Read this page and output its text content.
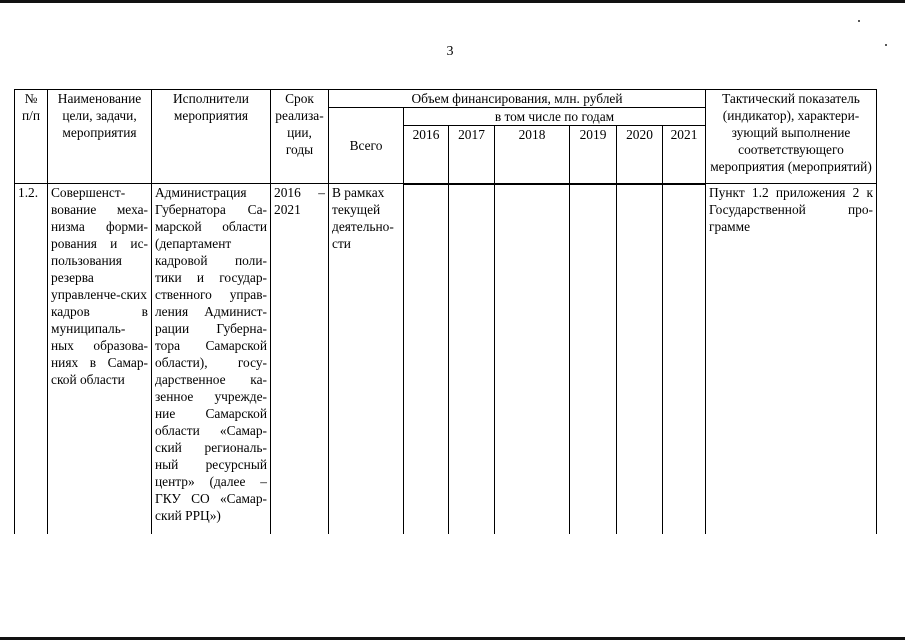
3
№
п/п	Наименование цели, задачи, мероприятия	Исполнители мероприятия	Срок реализа-ции, годы	Объем финансирования, млн. рублей							Тактический показатель (индикатор), характери-зующий выполнение соответствующего мероприятия (мероприятий)
				Всего	в том числе по годам						
					2016	2017	2018	2019	2020	2021	
1.2.	Совершенст-вование меха-низма форми-рования и ис-пользования резерва управленче-ских кадров в муниципаль-ных образова-ниях в Самар-ской области	Администрация Губернатора Са-марской области (департамент кадровой поли-тики и государ-ственного управ-ления Админист-рации Губерна-тора Самарской области), госу-дарственное ка-зенное учрежде-ние Самарской области «Самар-ский региональ-ный ресурсный центр» (далее – ГКУ СО «Самар-ский РРЦ»)	2016 – 2021	В рамках текущей деятельно-сти							Пункт 1.2 приложения 2 к Государственной про-грамме
